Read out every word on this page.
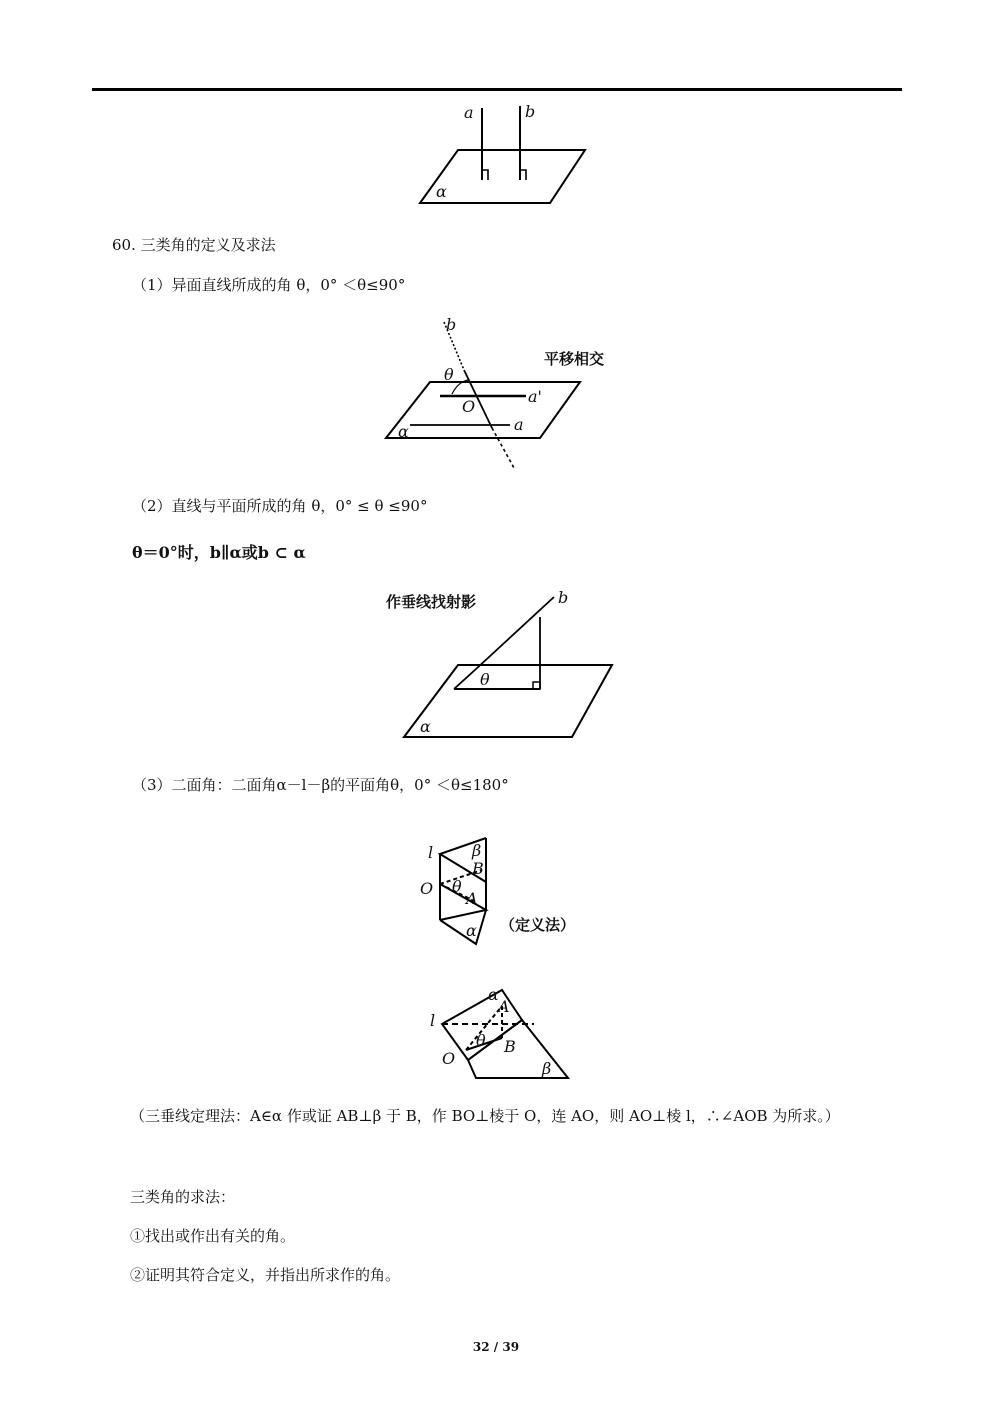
a	b
α
60. 三类角的定义及求法
（1）异面直线所成的角 θ，0° ＜θ≤90°
b
θ
O
a'
a
α
平移相交
（2）直线与平面所成的角 θ，0° ≤ θ ≤90°
θ＝0°时，b∥α或b ⊂ α
作垂线找射影	b
θ
α
（3）二面角：二面角α－l－β的平面角θ，0° ＜θ≤180°
l β
B
O θ
A
α （定义法）
α
A
l
θ B
O
β
（三垂线定理法：A∈α 作或证 AB⊥β 于 B，作 BO⊥棱于 O，连 AO，则 AO⊥棱 l，∴∠AOB 为所求。）
三类角的求法：
①找出或作出有关的角。
②证明其符合定义，并指出所求作的角。
32 / 39
